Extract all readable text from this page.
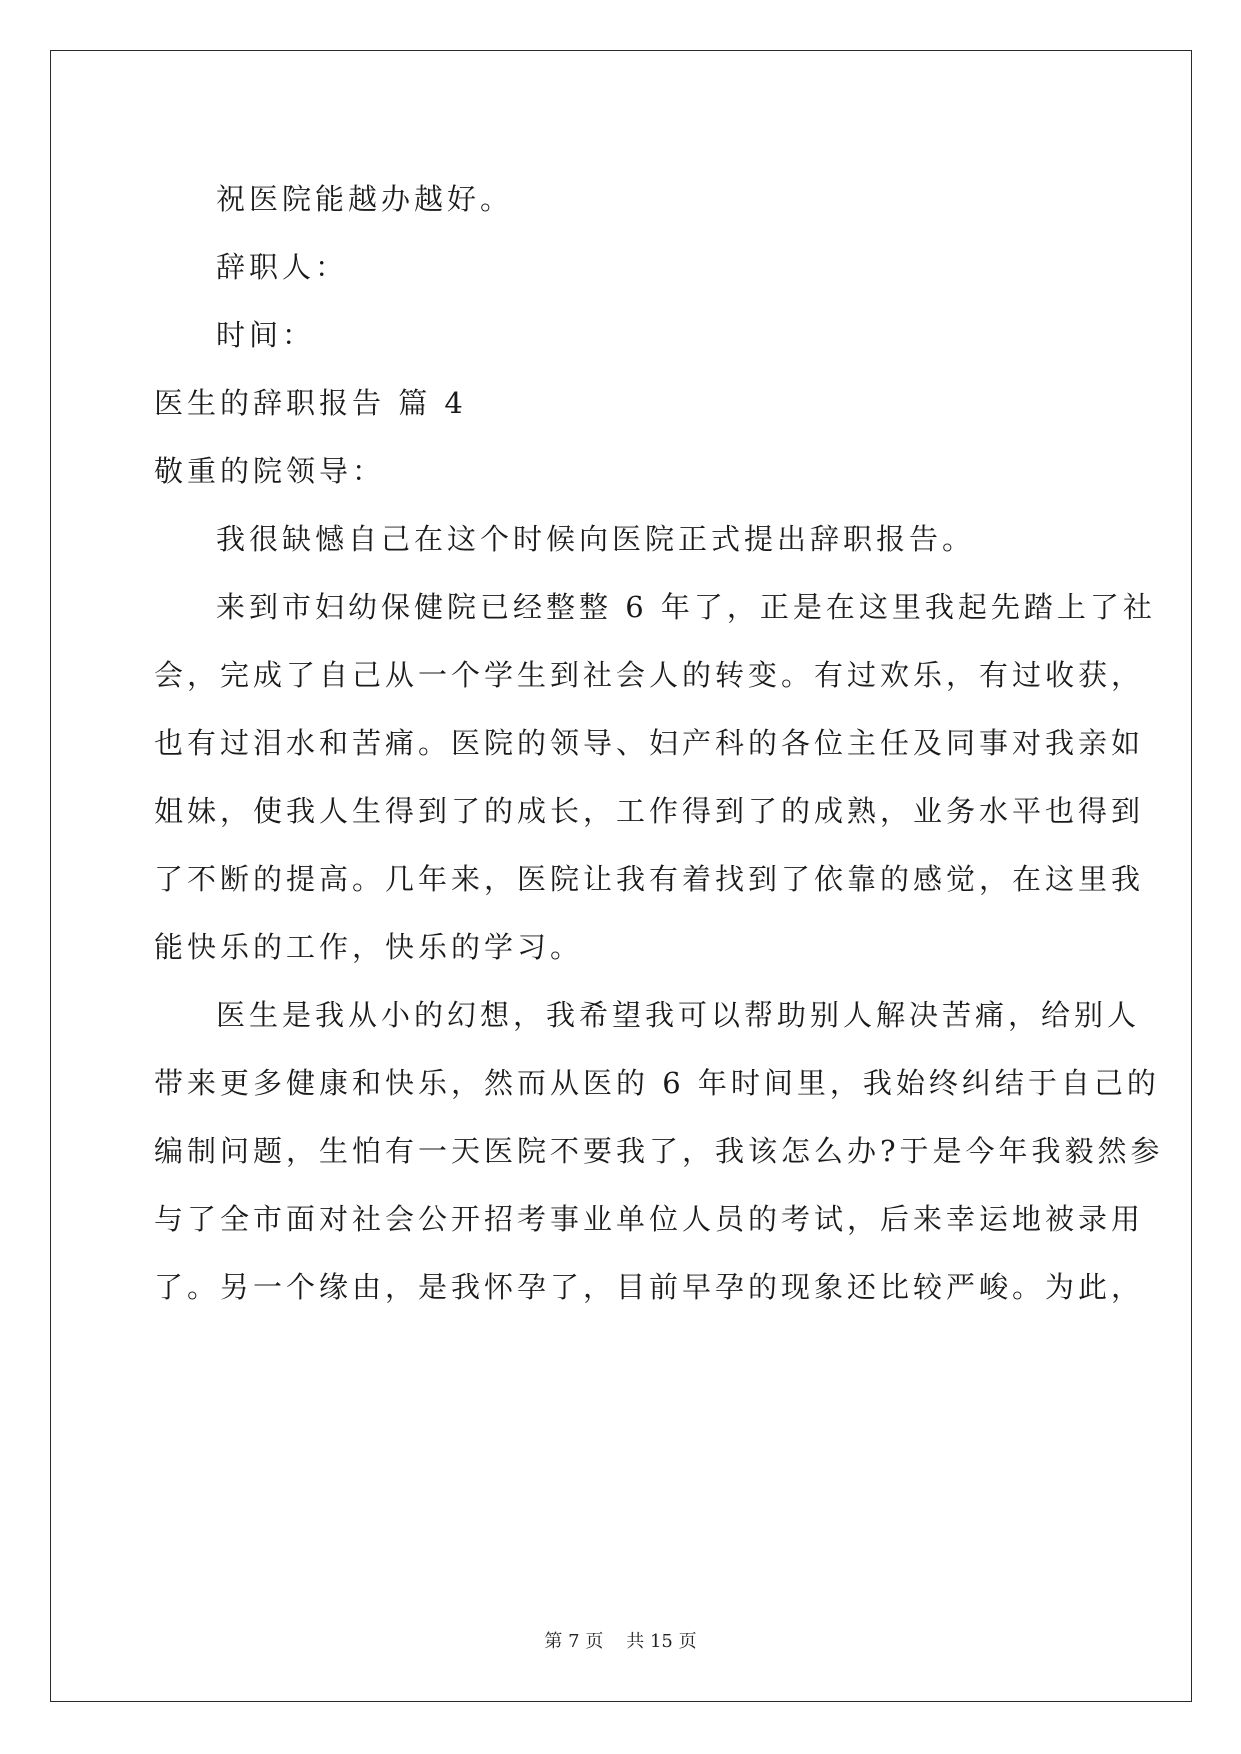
祝医院能越办越好。

辞职人：

时间：

医生的辞职报告 篇 4

敬重的院领导：

我很缺憾自己在这个时候向医院正式提出辞职报告。

来到市妇幼保健院已经整整 6 年了，正是在这里我起先踏上了社

会，完成了自己从一个学生到社会人的转变。有过欢乐，有过收获，

也有过泪水和苦痛。医院的领导、妇产科的各位主任及同事对我亲如

姐妹，使我人生得到了的成长，工作得到了的成熟，业务水平也得到

了不断的提高。几年来，医院让我有着找到了依靠的感觉，在这里我

能快乐的工作，快乐的学习。

医生是我从小的幻想，我希望我可以帮助别人解决苦痛，给别人

带来更多健康和快乐，然而从医的 6 年时间里，我始终纠结于自己的

编制问题，生怕有一天医院不要我了，我该怎么办?于是今年我毅然参

与了全市面对社会公开招考事业单位人员的考试，后来幸运地被录用

了。另一个缘由，是我怀孕了，目前早孕的现象还比较严峻。为此，

第 7 页 共 15 页
